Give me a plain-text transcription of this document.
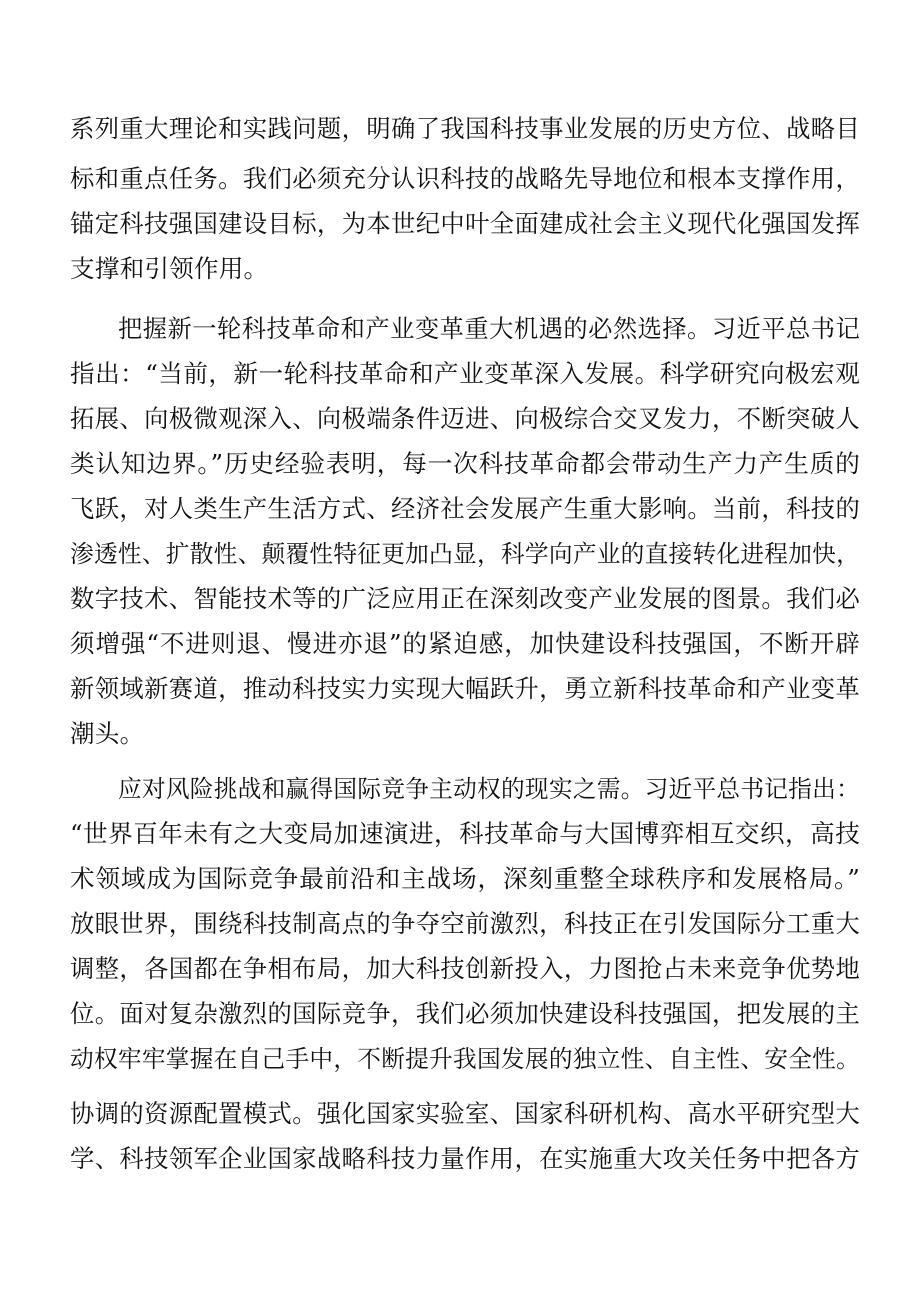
系列重大理论和实践问题，明确了我国科技事业发展的历史方位、战略目
标和重点任务。我们必须充分认识科技的战略先导地位和根本支撑作用，
锚定科技强国建设目标，为本世纪中叶全面建成社会主义现代化强国发挥
支撑和引领作用。
把握新一轮科技革命和产业变革重大机遇的必然选择。习近平总书记
指出：“当前，新一轮科技革命和产业变革深入发展。科学研究向极宏观
拓展、向极微观深入、向极端条件迈进、向极综合交叉发力，不断突破人
类认知边界。”历史经验表明，每一次科技革命都会带动生产力产生质的
飞跃，对人类生产生活方式、经济社会发展产生重大影响。当前，科技的
渗透性、扩散性、颠覆性特征更加凸显，科学向产业的直接转化进程加快，
数字技术、智能技术等的广泛应用正在深刻改变产业发展的图景。我们必
须增强“不进则退、慢进亦退”的紧迫感，加快建设科技强国，不断开辟
新领域新赛道，推动科技实力实现大幅跃升，勇立新科技革命和产业变革
潮头。
应对风险挑战和赢得国际竞争主动权的现实之需。习近平总书记指出：
“世界百年未有之大变局加速演进，科技革命与大国博弈相互交织，高技
术领域成为国际竞争最前沿和主战场，深刻重整全球秩序和发展格局。”
放眼世界，围绕科技制高点的争夺空前激烈，科技正在引发国际分工重大
调整，各国都在争相布局，加大科技创新投入，力图抢占未来竞争优势地
位。面对复杂激烈的国际竞争，我们必须加快建设科技强国，把发展的主
动权牢牢掌握在自己手中，不断提升我国发展的独立性、自主性、安全性。
协调的资源配置模式。强化国家实验室、国家科研机构、高水平研究型大
学、科技领军企业国家战略科技力量作用，在实施重大攻关任务中把各方
